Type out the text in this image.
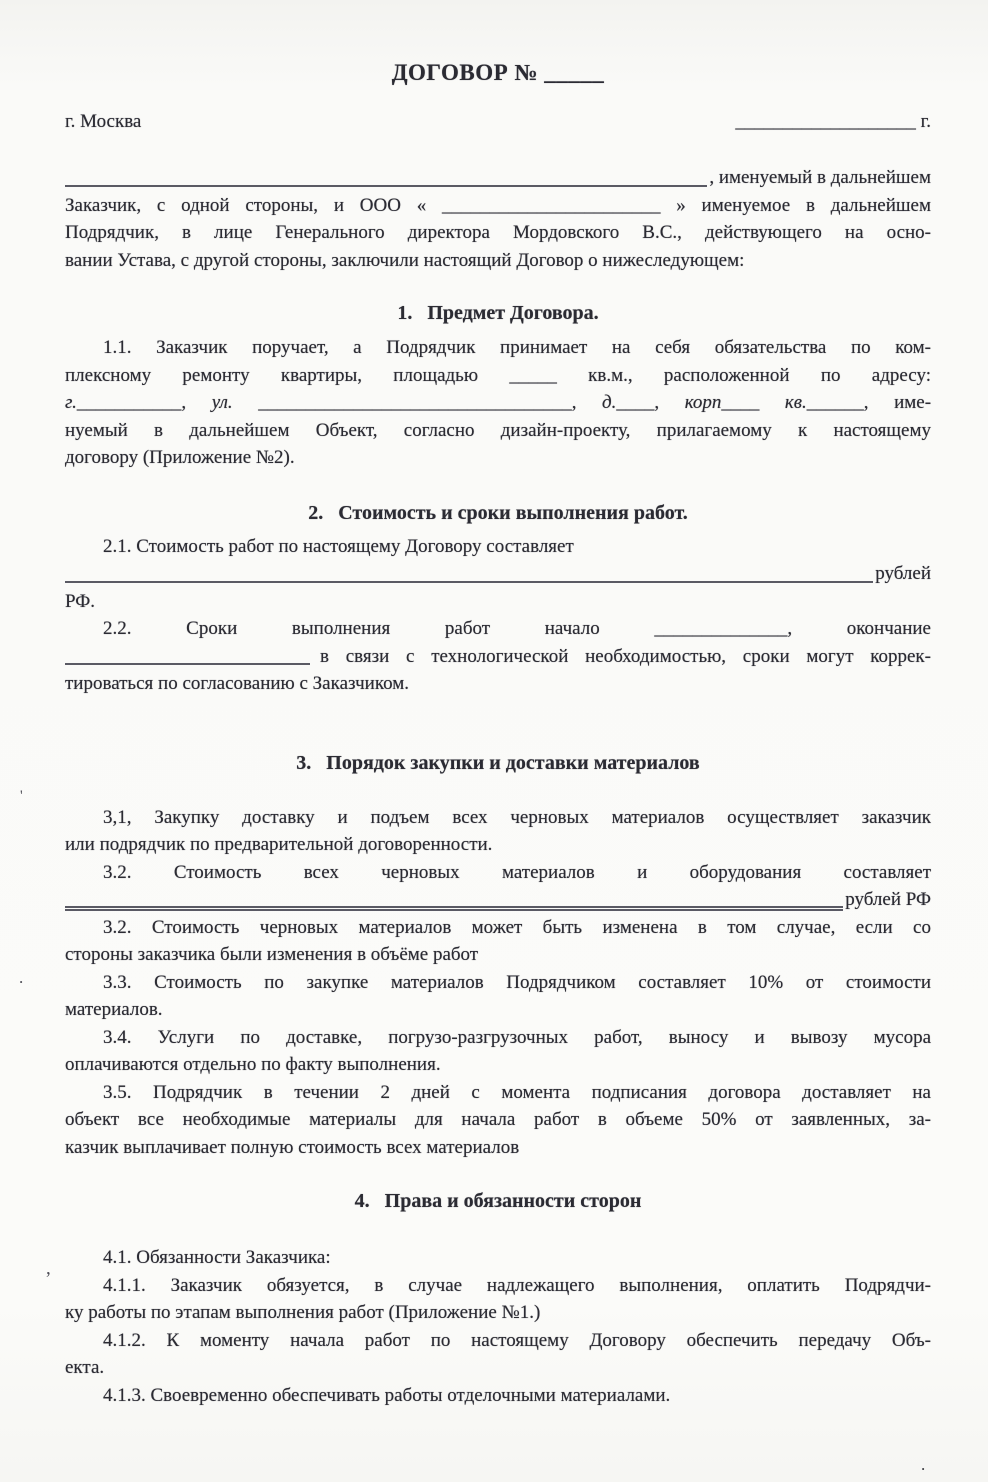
ДОГОВОР № _____
г. Москва	___________________ г.
, именуемый в дальнейшем
Заказчик, с одной стороны, и ООО « _______________________ » именуемое в дальнейшем
Подрядчик, в лице Генерального директора Мордовского В.С., действующего на осно-
вании Устава, с другой стороны, заключили настоящий Договор о нижеследующем:
1.   Предмет Договора.
1.1. Заказчик поручает, а Подрядчик принимает на себя обязательства по ком-
плексному ремонту квартиры, площадью _____ кв.м., расположенной по адресу:
г.___________, ул. _________________________________, д.____, корп____ кв.______, име-
нуемый в дальнейшем Объект, согласно дизайн-проекту, прилагаемому к настоящему
договору (Приложение №2).
2.   Стоимость и сроки выполнения работ.
2.1. Стоимость работ по настоящему Договору составляет
рублей
РФ.
2.2. Сроки выполнения работ начало ______________, окончание
в связи с технологической необходимостью, сроки могут коррек-
тироваться по согласованию с Заказчиком.
3.   Порядок закупки и доставки материалов
3,1, Закупку доставку и подъем всех черновых материалов осуществляет заказчик
или подрядчик по предварительной договоренности.
3.2. Стоимость всех черновых материалов и оборудования составляет
рублей РФ
3.2. Стоимость черновых материалов может быть изменена в том случае, если со
стороны заказчика были изменения в объёме работ
3.3. Стоимость по закупке материалов Подрядчиком составляет 10% от стоимости
материалов.
3.4. Услуги по доставке, погрузо-разгрузочных работ, выносу и вывозу мусора
оплачиваются отдельно по факту выполнения.
3.5. Подрядчик в течении 2 дней с момента подписания договора доставляет на
объект все необходимые материалы для начала работ в объеме 50% от заявленных, за-
казчик выплачивает полную стоимость всех материалов
4.   Права и обязанности сторон
4.1. Обязанности Заказчика:
4.1.1. Заказчик обязуется, в случае надлежащего выполнения, оплатить Подрядчи-
ку работы по этапам выполнения работ (Приложение №1.)
4.1.2. К моменту начала работ по настоящему Договору обеспечить передачу Объ-
екта.
4.1.3. Своевременно обеспечивать работы отделочными материалами.
'
.
,
.
